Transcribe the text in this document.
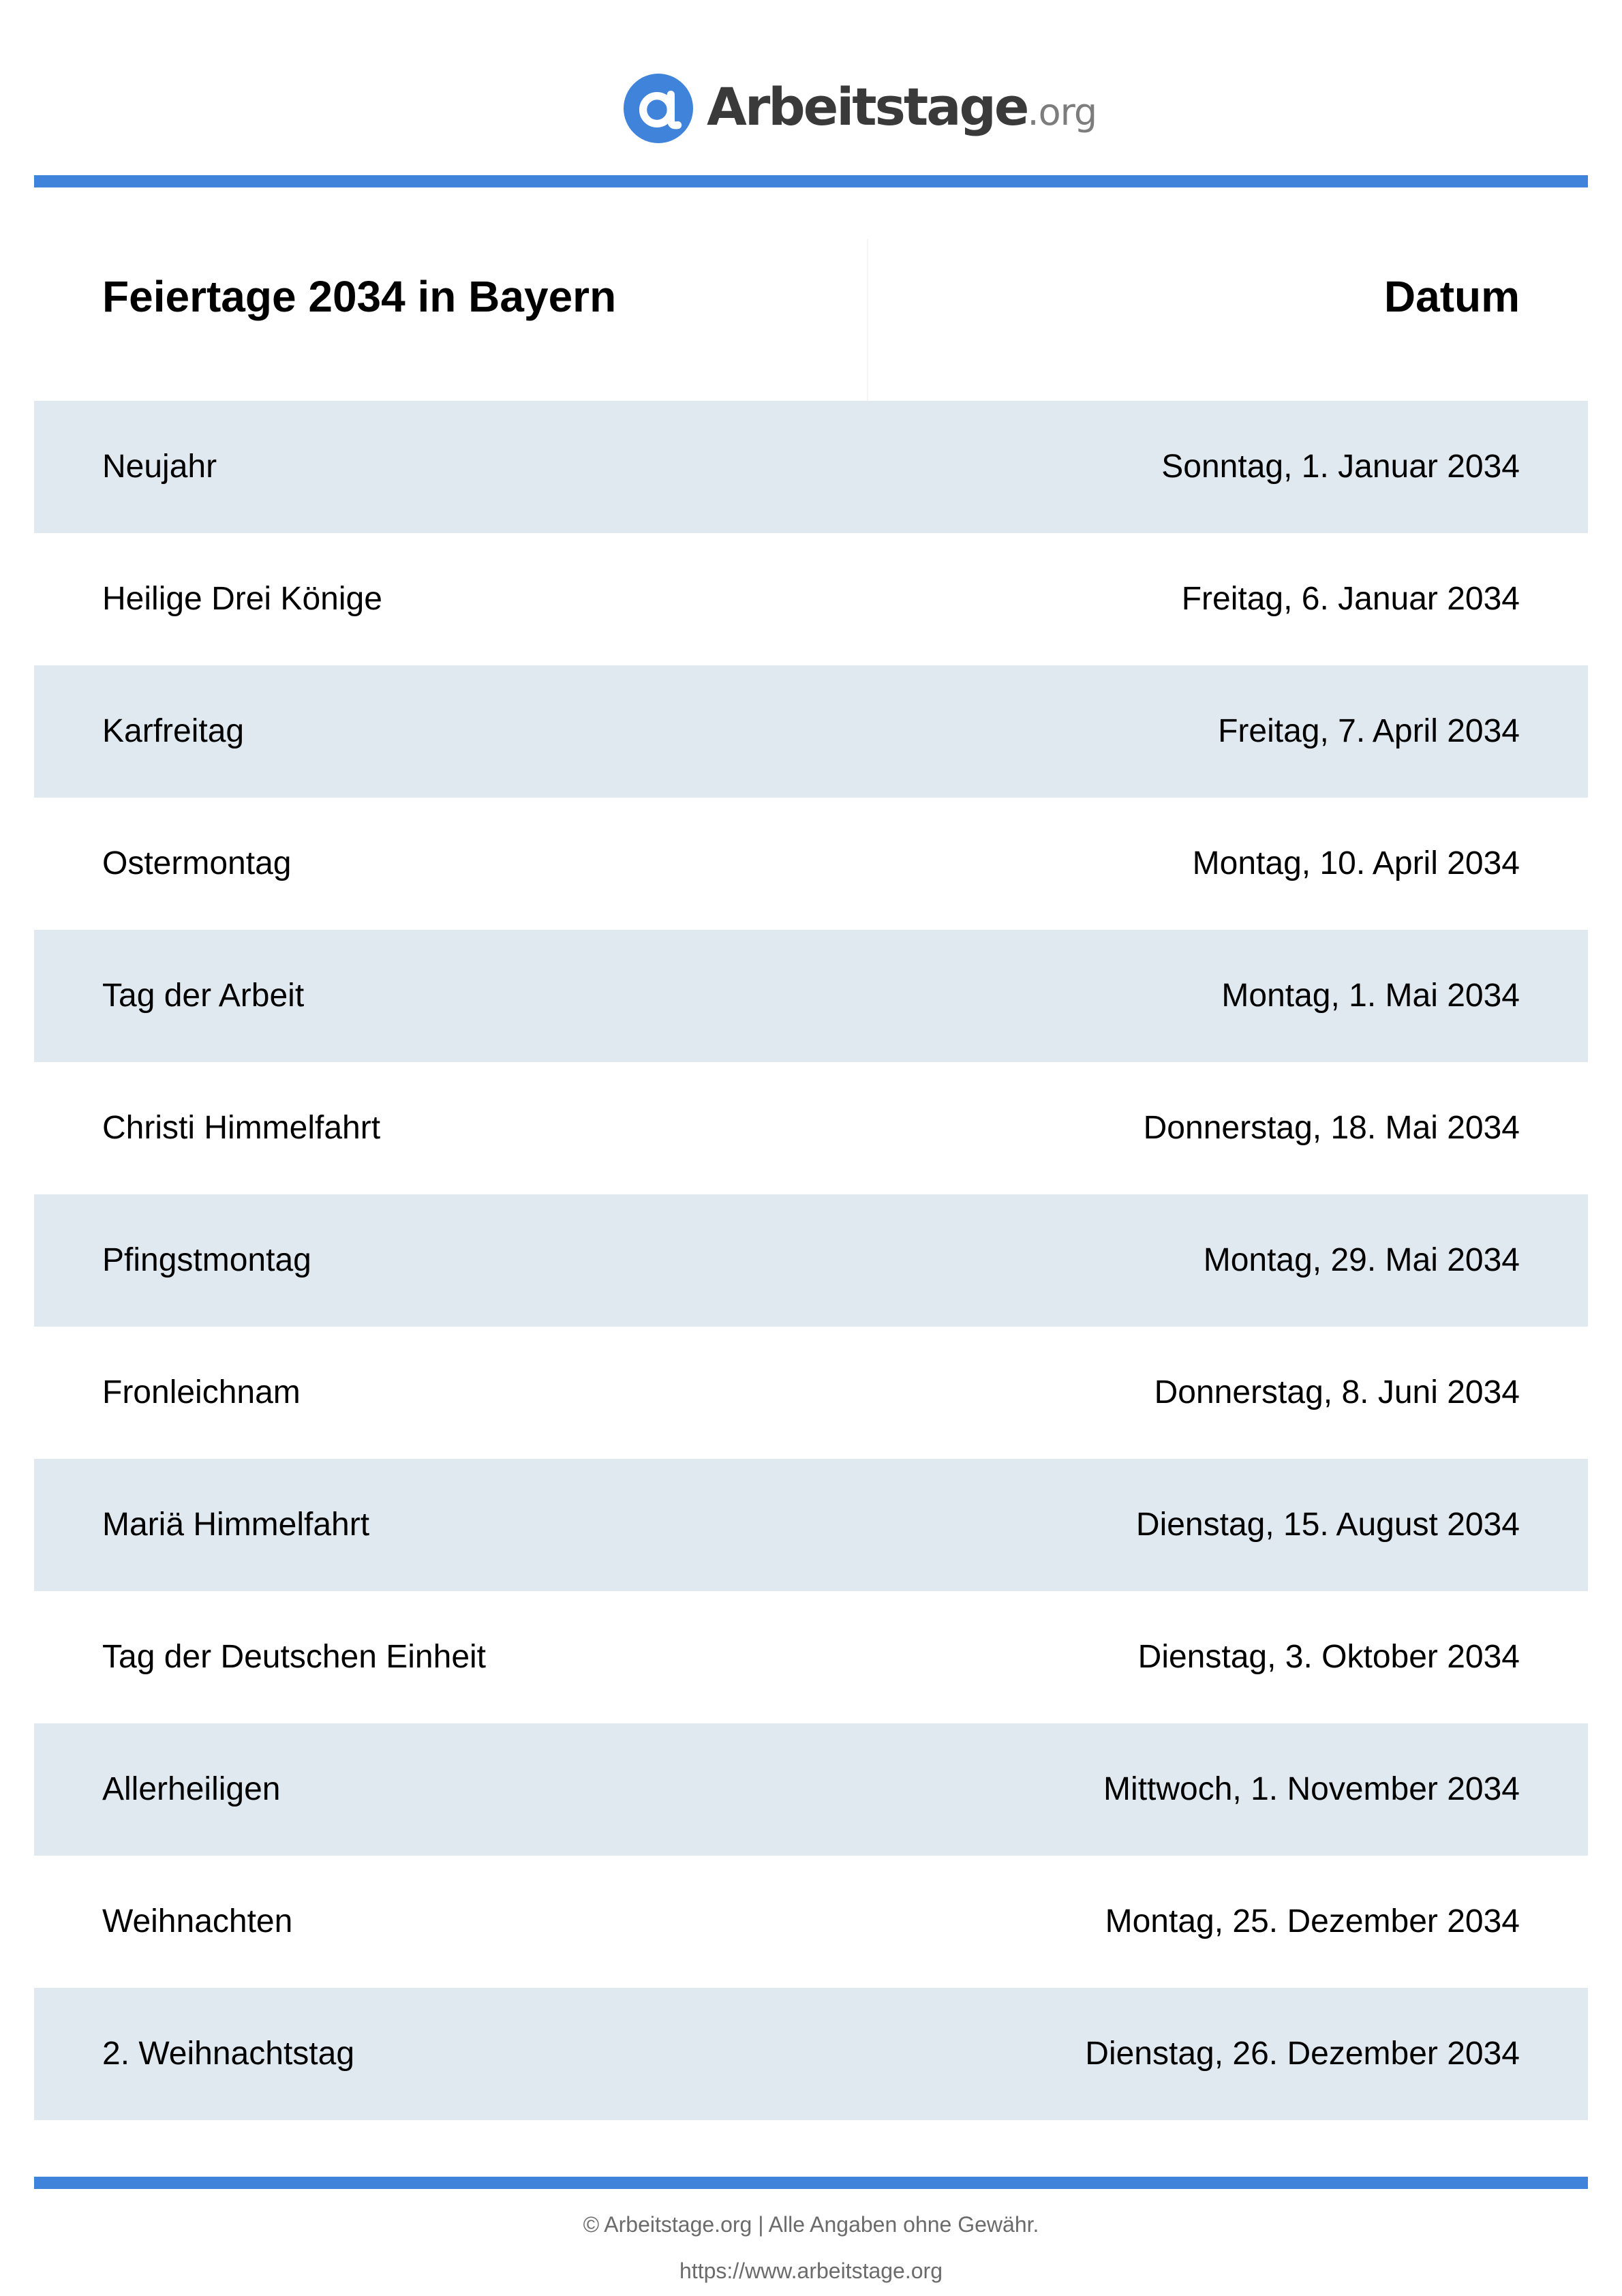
Arbeitstage.org
Feiertage 2034 in Bayern	Datum
Neujahr	Sonntag, 1. Januar 2034
Heilige Drei Könige	Freitag, 6. Januar 2034
Karfreitag	Freitag, 7. April 2034
Ostermontag	Montag, 10. April 2034
Tag der Arbeit	Montag, 1. Mai 2034
Christi Himmelfahrt	Donnerstag, 18. Mai 2034
Pfingstmontag	Montag, 29. Mai 2034
Fronleichnam	Donnerstag, 8. Juni 2034
Mariä Himmelfahrt	Dienstag, 15. August 2034
Tag der Deutschen Einheit	Dienstag, 3. Oktober 2034
Allerheiligen	Mittwoch, 1. November 2034
Weihnachten	Montag, 25. Dezember 2034
2. Weihnachtstag	Dienstag, 26. Dezember 2034
© Arbeitstage.org | Alle Angaben ohne Gewähr.
https://www.arbeitstage.org
